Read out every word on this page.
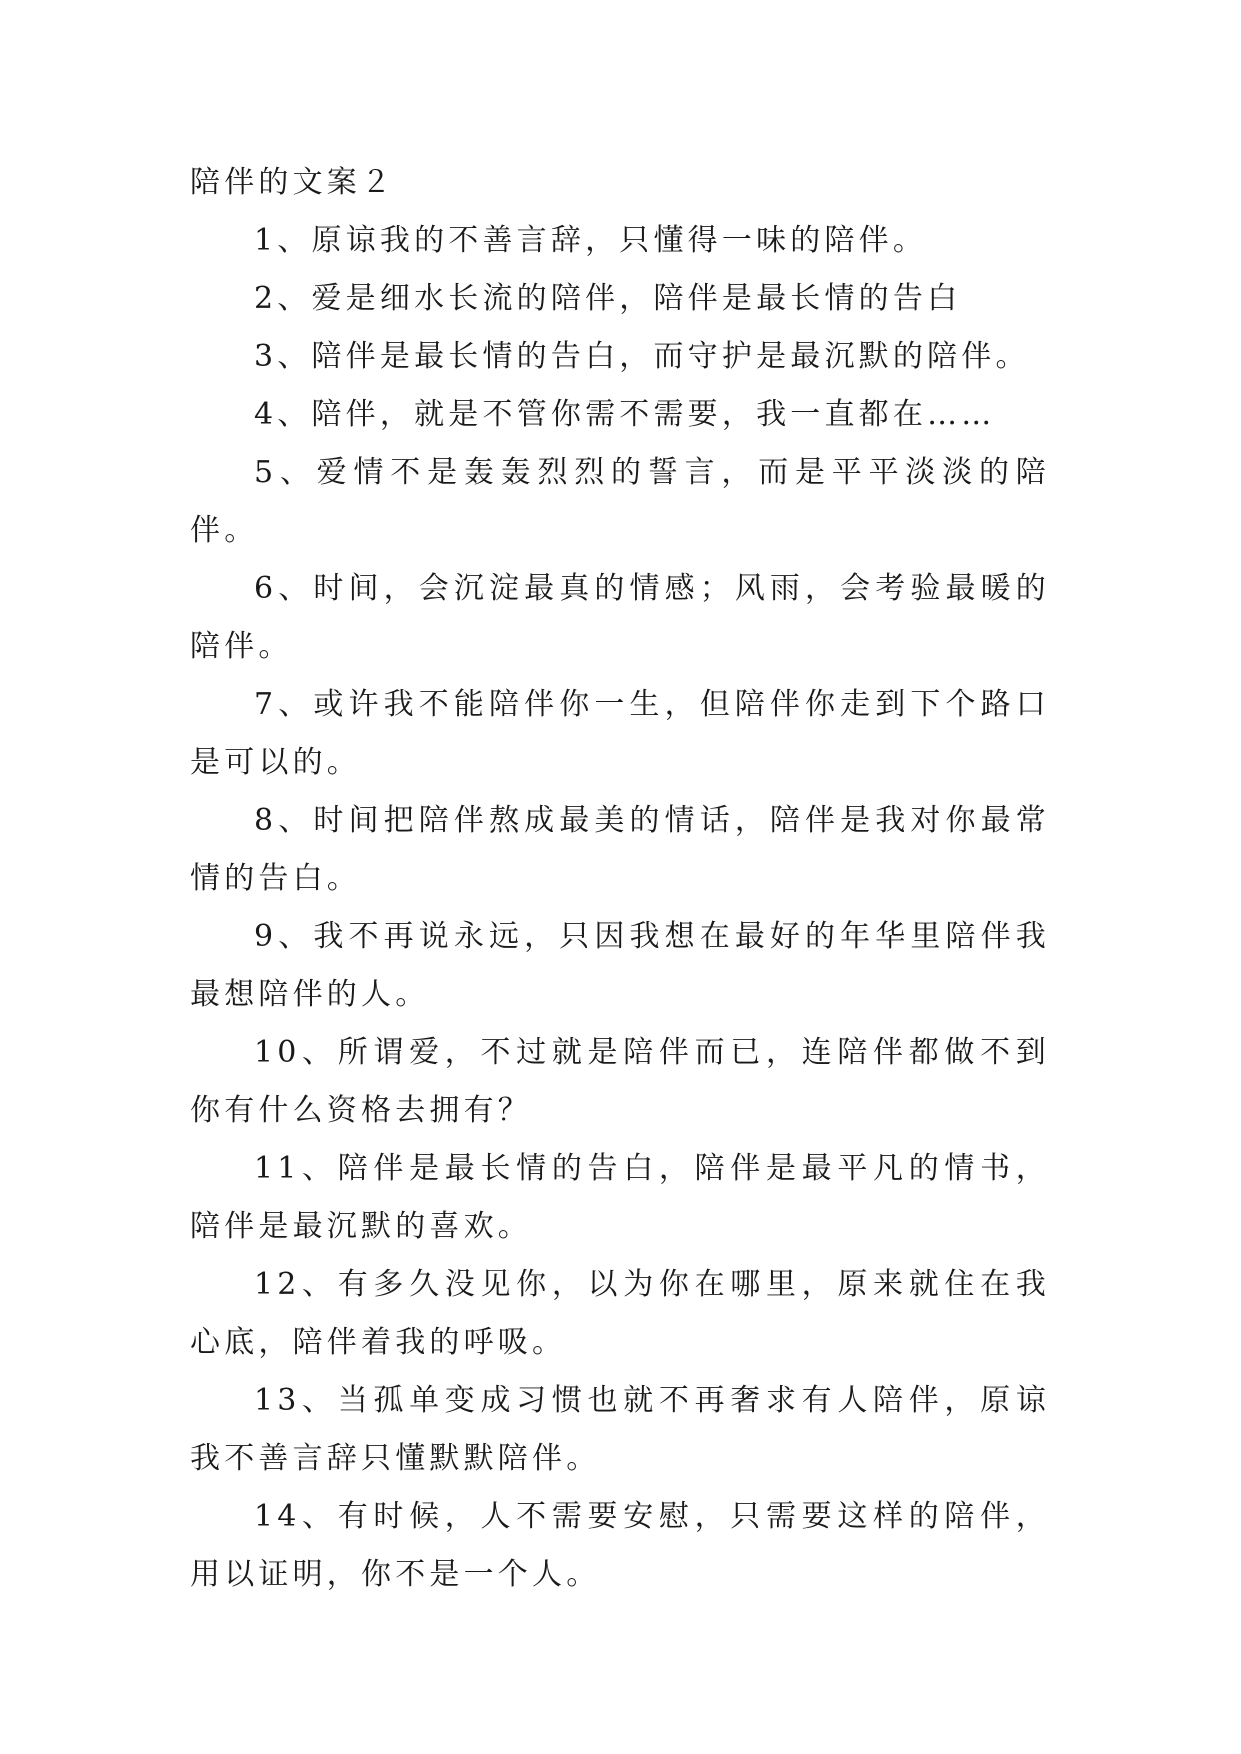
陪伴的文案２

1、原谅我的不善言辞，只懂得一味的陪伴。

2、爱是细水长流的陪伴，陪伴是最长情的告白

3、陪伴是最长情的告白，而守护是最沉默的陪伴。

4、陪伴，就是不管你需不需要，我一直都在……

5、爱情不是轰轰烈烈的誓言，而是平平淡淡的陪伴。

6、时间，会沉淀最真的情感；风雨，会考验最暖的陪伴。

7、或许我不能陪伴你一生，但陪伴你走到下个路口是可以的。

8、时间把陪伴熬成最美的情话，陪伴是我对你最常情的告白。

9、我不再说永远，只因我想在最好的年华里陪伴我最想陪伴的人。

10、所谓爱，不过就是陪伴而已，连陪伴都做不到你有什么资格去拥有？

11、陪伴是最长情的告白，陪伴是最平凡的情书，陪伴是最沉默的喜欢。

12、有多久没见你，以为你在哪里，原来就住在我心底，陪伴着我的呼吸。

13、当孤单变成习惯也就不再奢求有人陪伴，原谅我不善言辞只懂默默陪伴。

14、有时候，人不需要安慰，只需要这样的陪伴，用以证明，你不是一个人。
